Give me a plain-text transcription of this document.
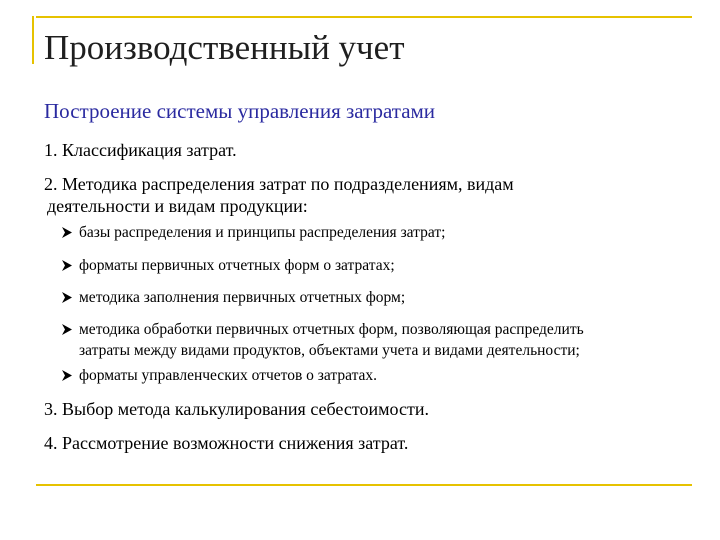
Производственный учет
Построение системы управления затратами
1. Классификация затрат.
2. Методика распределения затрат по подразделениям, видам
деятельности и видам продукции:
базы распределения и принципы распределения затрат;
форматы первичных отчетных форм о затратах;
методика заполнения первичных отчетных форм;
методика обработки первичных отчетных форм, позволяющая распределить
затраты между видами продуктов, объектами учета и видами деятельности;
форматы управленческих отчетов о затратах.
3. Выбор метода калькулирования себестоимости.
4. Рассмотрение возможности снижения затрат.
